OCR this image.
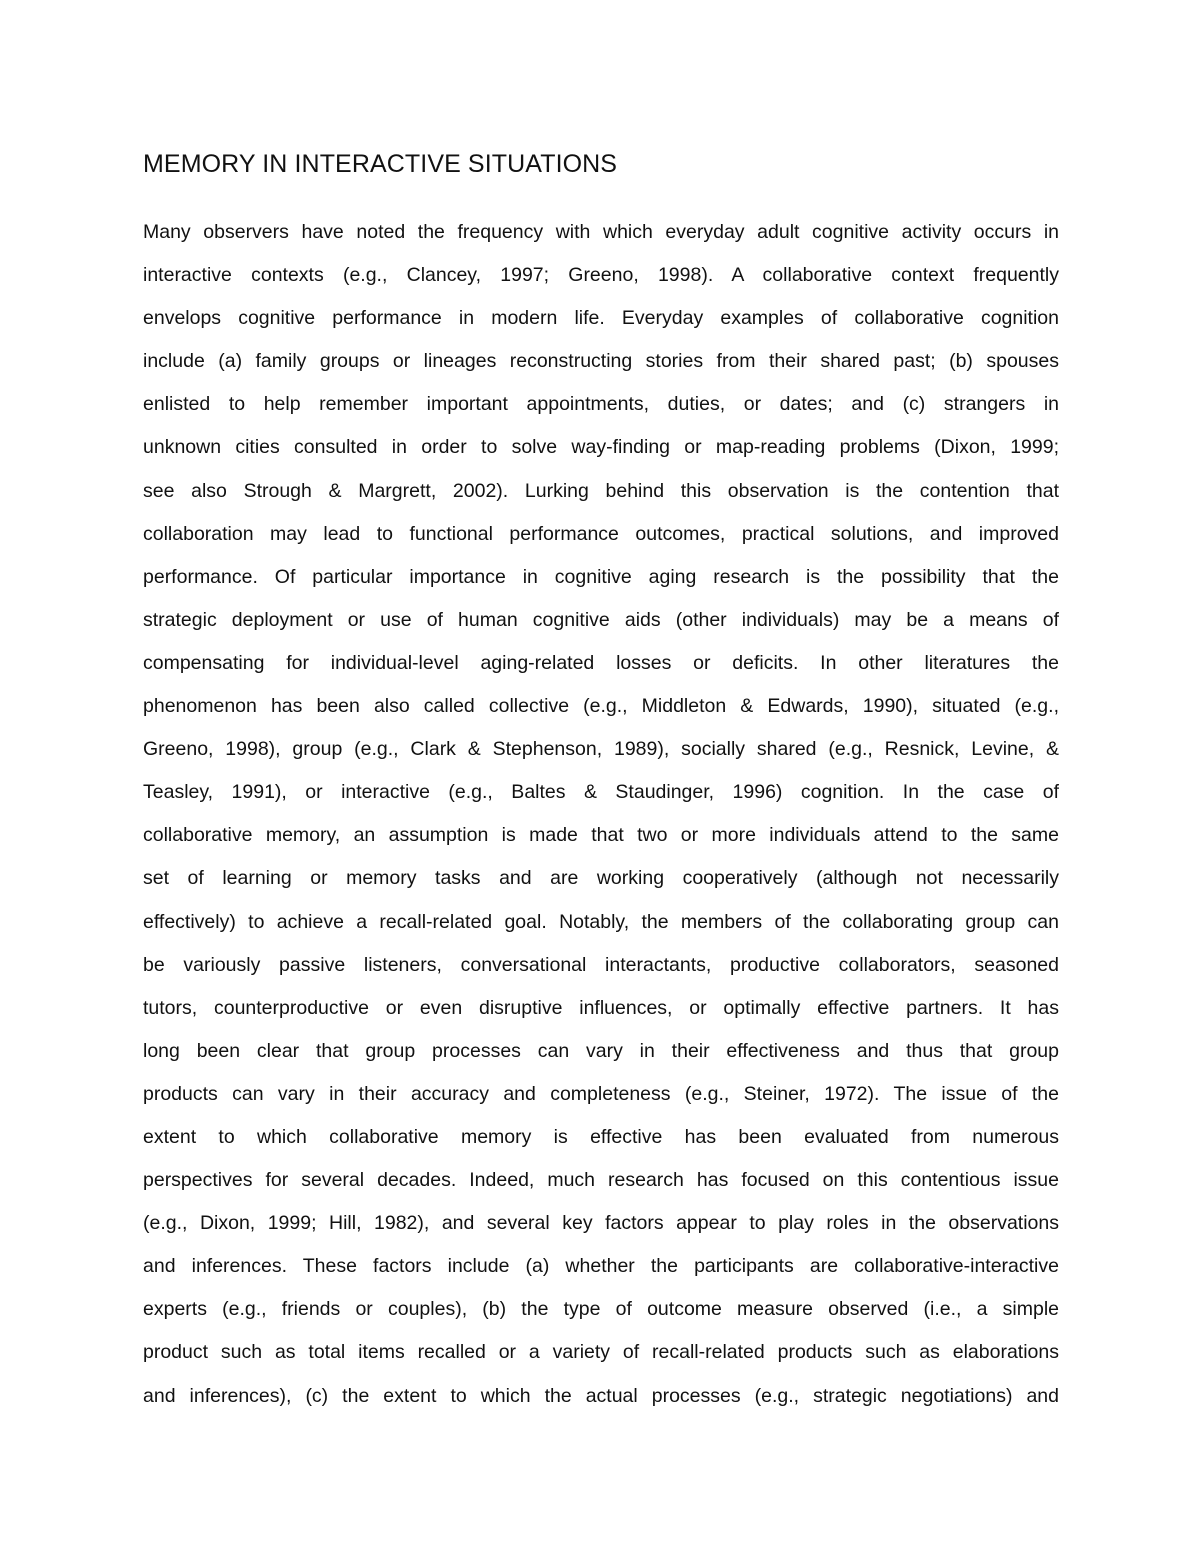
MEMORY IN INTERACTIVE SITUATIONS
Many observers have noted the frequency with which everyday adult cognitive activity occurs in
interactive contexts (e.g., Clancey, 1997; Greeno, 1998). A collaborative context frequently
envelops cognitive performance in modern life. Everyday examples of collaborative cognition
include (a) family groups or lineages reconstructing stories from their shared past; (b) spouses
enlisted to help remember important appointments, duties, or dates; and (c) strangers in
unknown cities consulted in order to solve way-finding or map-reading problems (Dixon, 1999;
see also Strough & Margrett, 2002). Lurking behind this observation is the contention that
collaboration may lead to functional performance outcomes, practical solutions, and improved
performance. Of particular importance in cognitive aging research is the possibility that the
strategic deployment or use of human cognitive aids (other individuals) may be a means of
compensating for individual-level aging-related losses or deficits. In other literatures the
phenomenon has been also called collective (e.g., Middleton & Edwards, 1990), situated (e.g.,
Greeno, 1998), group (e.g., Clark & Stephenson, 1989), socially shared (e.g., Resnick, Levine, &
Teasley, 1991), or interactive (e.g., Baltes & Staudinger, 1996) cognition. In the case of
collaborative memory, an assumption is made that two or more individuals attend to the same
set of learning or memory tasks and are working cooperatively (although not necessarily
effectively) to achieve a recall-related goal. Notably, the members of the collaborating group can
be variously passive listeners, conversational interactants, productive collaborators, seasoned
tutors, counterproductive or even disruptive influences, or optimally effective partners. It has
long been clear that group processes can vary in their effectiveness and thus that group
products can vary in their accuracy and completeness (e.g., Steiner, 1972). The issue of the
extent to which collaborative memory is effective has been evaluated from numerous
perspectives for several decades. Indeed, much research has focused on this contentious issue
(e.g., Dixon, 1999; Hill, 1982), and several key factors appear to play roles in the observations
and inferences. These factors include (a) whether the participants are collaborative-interactive
experts (e.g., friends or couples), (b) the type of outcome measure observed (i.e., a simple
product such as total items recalled or a variety of recall-related products such as elaborations
and inferences), (c) the extent to which the actual processes (e.g., strategic negotiations) and
